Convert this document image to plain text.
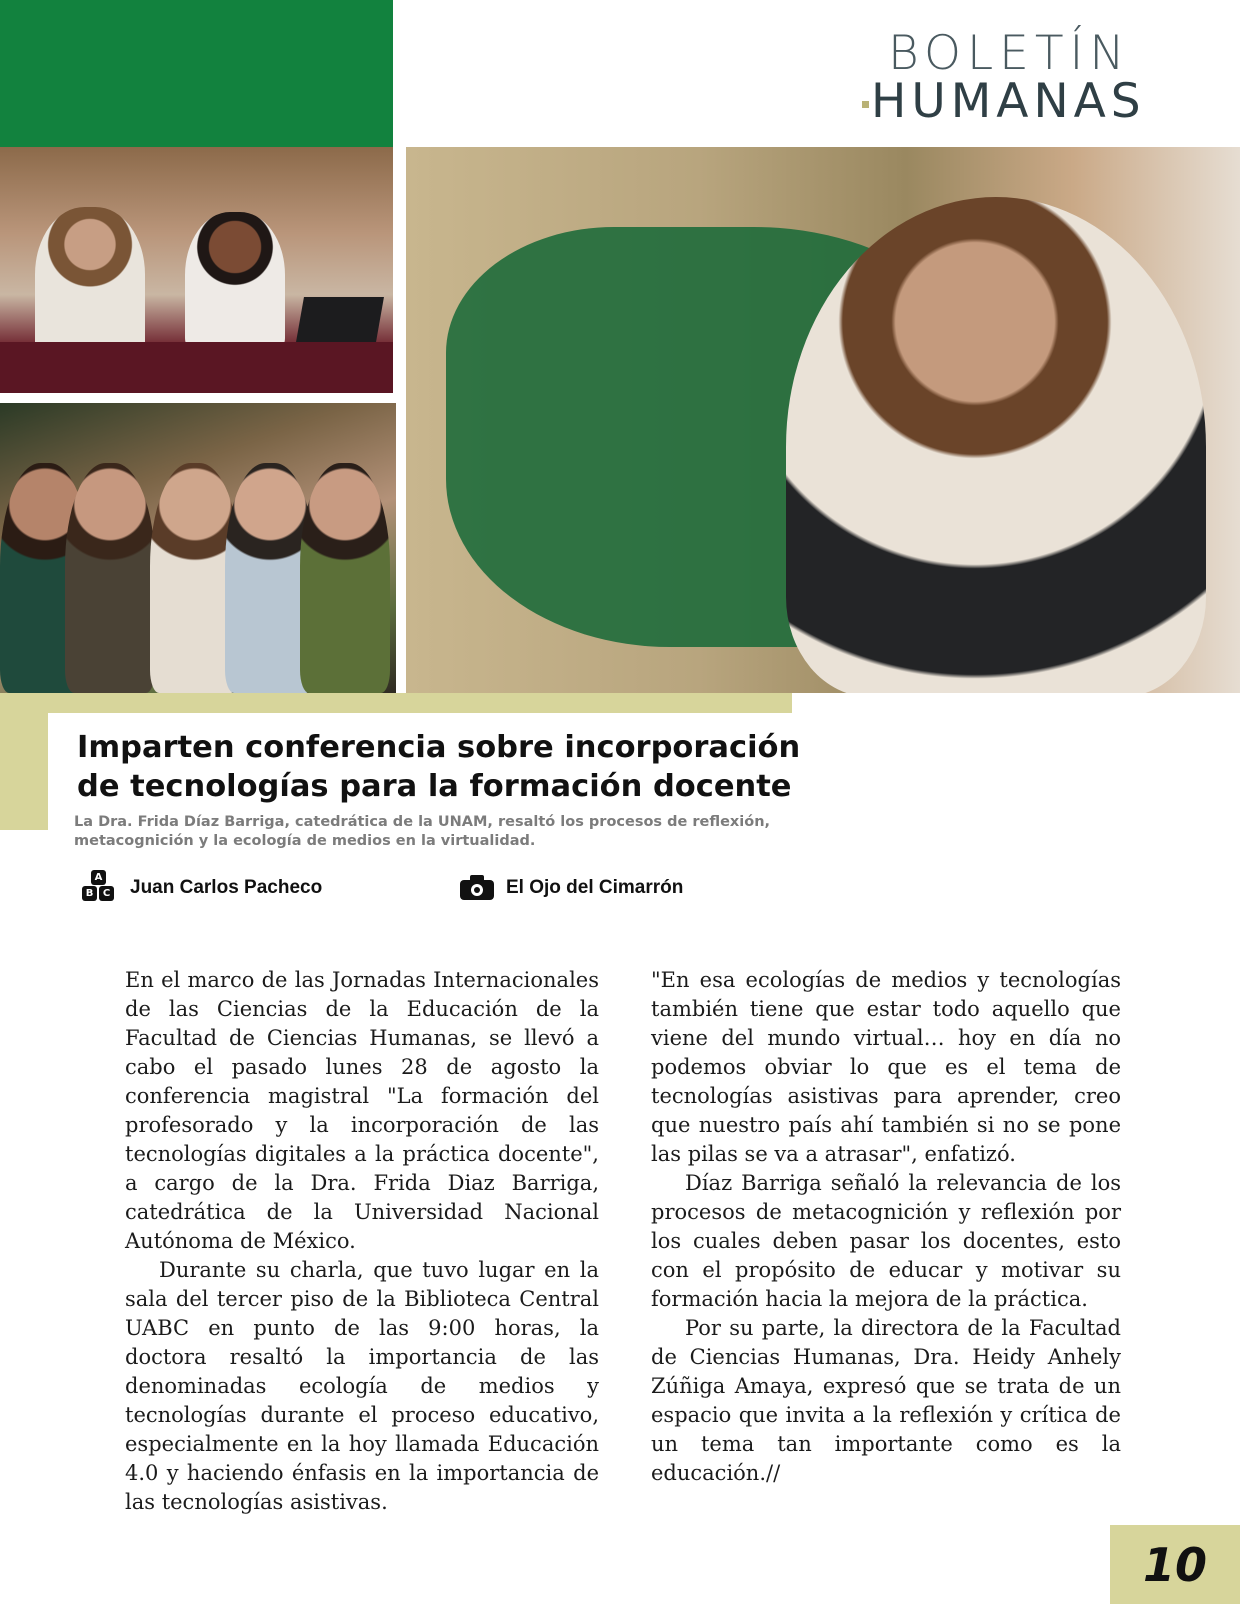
BOLETÍN
HUMANAS
Imparten conferencia sobre incorporación
de tecnologías para la formación docente

La Dra. Frida Díaz Barriga, catedrática de la UNAM, resaltó los procesos de reflexión, metacognición y la ecología de medios en la virtualidad.

A
B C Juan Carlos Pacheco	El Ojo del Cimarrón

En el marco de las Jornadas Internacionales de las Ciencias de la Educación de la Facultad de Ciencias Humanas, se llevó a cabo el pasado lunes 28 de agosto la conferencia magistral "La formación del profesorado y la incorporación de las tecnologías digitales a la práctica docente", a cargo de la Dra. Frida Diaz Barriga, catedrática de la Universidad Nacional Autónoma de México.

Durante su charla, que tuvo lugar en la sala del tercer piso de la Biblioteca Central UABC en punto de las 9:00 horas, la doctora resaltó la importancia de las denominadas ecología de medios y tecnologías durante el proceso educativo, especialmente en la hoy llamada Educación 4.0 y haciendo énfasis en la importancia de las tecnologías asistivas.

"En esa ecologías de medios y tecnologías también tiene que estar todo aquello que viene del mundo virtual… hoy en día no podemos obviar lo que es el tema de tecnologías asistivas para aprender, creo que nuestro país ahí también si no se pone las pilas se va a atrasar", enfatizó.

Díaz Barriga señaló la relevancia de los procesos de metacognición y reflexión por los cuales deben pasar los docentes, esto con el propósito de educar y motivar su formación hacia la mejora de la práctica.

Por su parte, la directora de la Facultad de Ciencias Humanas, Dra. Heidy Anhely Zúñiga Amaya, expresó que se trata de un espacio que invita a la reflexión y crítica de un tema tan importante como es la educación.//

10
